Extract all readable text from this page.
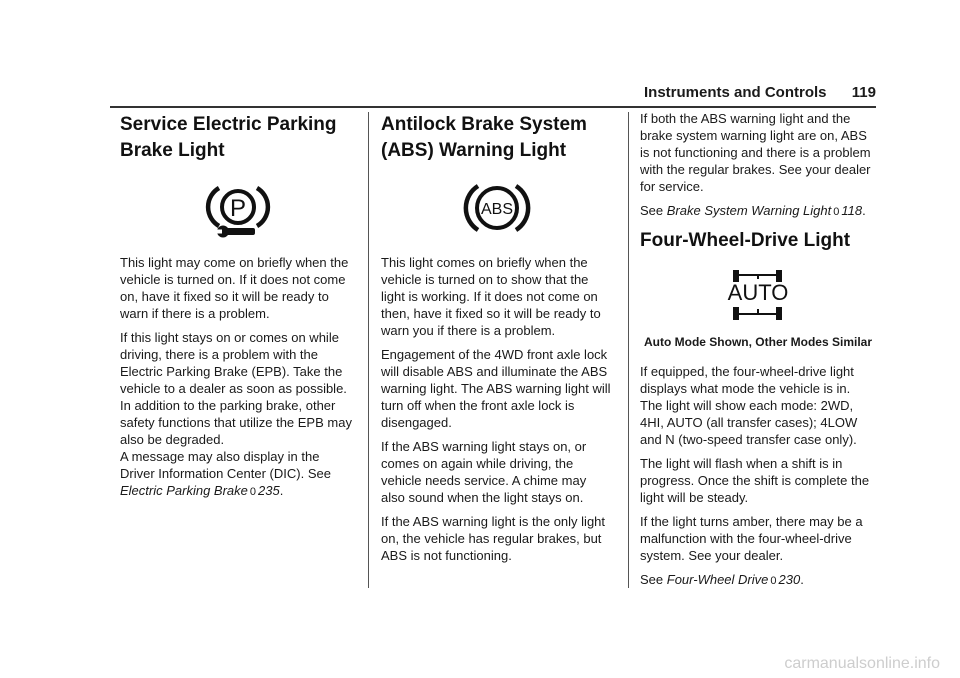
Instruments and Controls 119
Service Electric Parking Brake Light
P

This light may come on briefly when the vehicle is turned on. If it does not come on, have it fixed so it will be ready to warn if there is a problem.

If this light stays on or comes on while driving, there is a problem with the Electric Parking Brake (EPB). Take the vehicle to a dealer as soon as possible. In addition to the parking brake, other safety functions that utilize the EPB may also be degraded.

A message may also display in the Driver Information Center (DIC). See Electric Parking Brake 0 235.

Antilock Brake System (ABS) Warning Light
ABS

This light comes on briefly when the vehicle is turned on to show that the light is working. If it does not come on then, have it fixed so it will be ready to warn you if there is a problem.

Engagement of the 4WD front axle lock will disable ABS and illuminate the ABS warning light. The ABS warning light will turn off when the front axle lock is disengaged.

If the ABS warning light stays on, or comes on again while driving, the vehicle needs service. A chime may also sound when the light stays on.

If the ABS warning light is the only light on, the vehicle has regular brakes, but ABS is not functioning.

If both the ABS warning light and the brake system warning light are on, ABS is not functioning and there is a problem with the regular brakes. See your dealer for service.

See Brake System Warning Light 0 118.

Four-Wheel-Drive Light
AUTO

Auto Mode Shown, Other Modes Similar

If equipped, the four-wheel-drive light displays what mode the vehicle is in. The light will show each mode: 2WD, 4HI, AUTO (all transfer cases); 4LOW and N (two-speed transfer case only).

The light will flash when a shift is in progress. Once the shift is complete the light will be steady.

If the light turns amber, there may be a malfunction with the four-wheel-drive system. See your dealer.

See Four-Wheel Drive 0 230.

carmanualsonline.info
